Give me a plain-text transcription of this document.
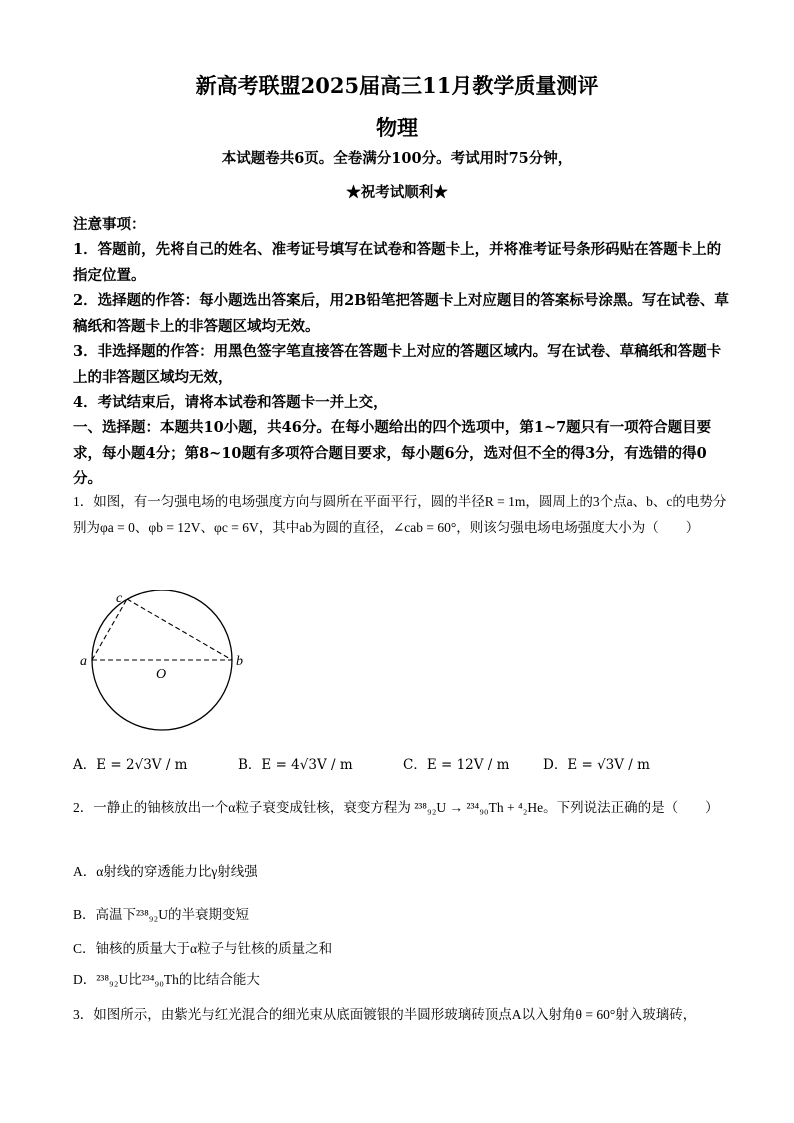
新高考联盟2025届高三11月教学质量测评
物理
本试题卷共6页。全卷满分100分。考试用时75分钟，
★祝考试顺利★
注意事项：
1．答题前，先将自己的姓名、准考证号填写在试卷和答题卡上，并将准考证号条形码贴在答题卡上的指定位置。
2．选择题的作答：每小题选出答案后，用2B铅笔把答题卡上对应题目的答案标号涂黑。写在试卷、草稿纸和答题卡上的非答题区域均无效。
3．非选择题的作答：用黑色签字笔直接答在答题卡上对应的答题区域内。写在试卷、草稿纸和答题卡上的非答题区域均无效，
4．考试结束后，请将本试卷和答题卡一并上交，
一、选择题：本题共10小题，共46分。在每小题给出的四个选项中，第1~7题只有一项符合题目要求，每小题4分；第8~10题有多项符合题目要求，每小题6分，选对但不全的得3分，有选错的得0分。
1．如图，有一匀强电场的电场强度方向与圆所在平面平行，圆的半径R = 1m，圆周上的3个点a、b、c的电势分别为φa = 0、φb = 12V、φc = 6V，其中ab为圆的直径，∠cab = 60°，则该匀强电场电场强度大小为（　　）
c
a	b
O
A．E = 2√3V / m	B．E = 4√3V / m	C．E = 12V / m	D．E = √3V / m
2．一静止的铀核放出一个α粒子衰变成钍核，衰变方程为 ²³⁸₉₂U → ²³⁴₉₀Th + ⁴₂He。下列说法正确的是（　　）
A．α射线的穿透能力比γ射线强
B．高温下²³⁸₉₂U的半衰期变短
C．铀核的质量大于α粒子与钍核的质量之和
D．²³⁸₉₂U比²³⁴₉₀Th的比结合能大
3．如图所示，由紫光与红光混合的细光束从底面镀银的半圆形玻璃砖顶点A以入射角θ = 60°射入玻璃砖，
